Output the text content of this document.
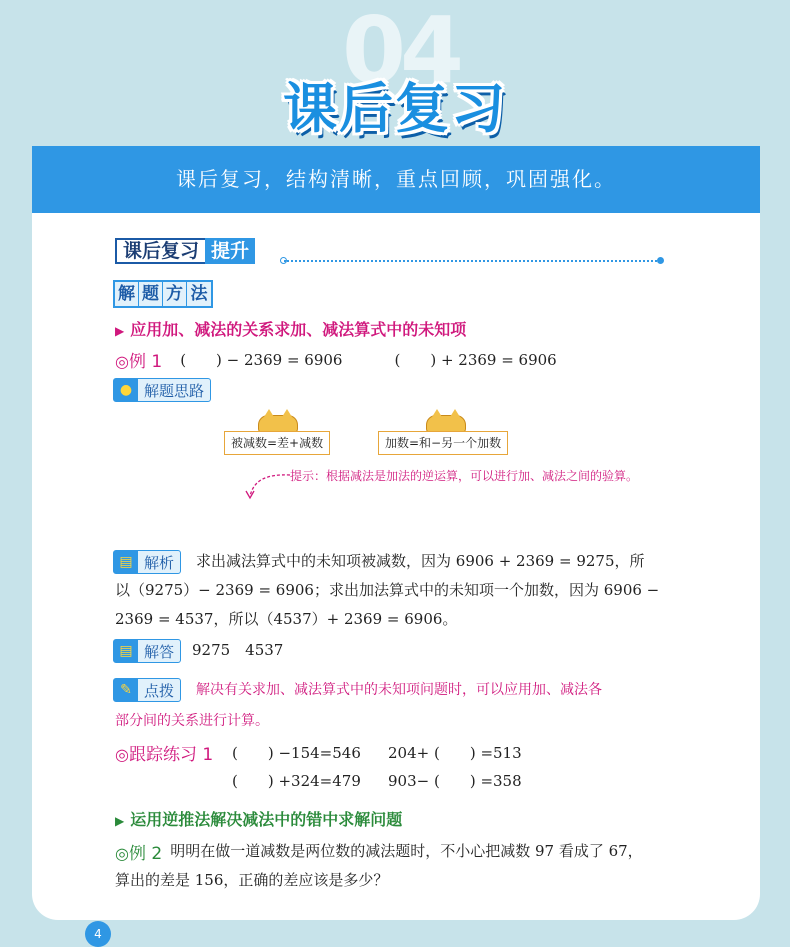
04
课后复习
课后复习，结构清晰，重点回顾，巩固强化。
课后复习 提升
解 题 方 法
▶ 应用加、减法的关系求加、减法算式中的未知项
◎例 1 (　　) − 2369 = 6906	(　　) + 2369 = 6906
● 解题思路
被减数=差+减数	加数=和−另一个加数
提示：根据减法是加法的逆运算，可以进行加、减法之间的验算。
▤ 解析 求出减法算式中的未知项被减数，因为 6906 + 2369 = 9275，所
以（9275）− 2369 = 6906；求出加法算式中的未知项一个加数，因为 6906 −
2369 = 4537，所以（4537）+ 2369 = 6906。
▤ 解答 9275　4537
✎ 点拨 解决有关求加、减法算式中的未知项问题时，可以应用加、减法各
部分间的关系进行计算。
◎跟踪练习 1 (　　) −154=546 204+ (　　) =513
(　　) +324=479 903− (　　) =358
▶ 运用逆推法解决减法中的错中求解问题
◎例 2 明明在做一道减数是两位数的减法题时，不小心把减数 97 看成了 67，
算出的差是 156，正确的差应该是多少？
4
